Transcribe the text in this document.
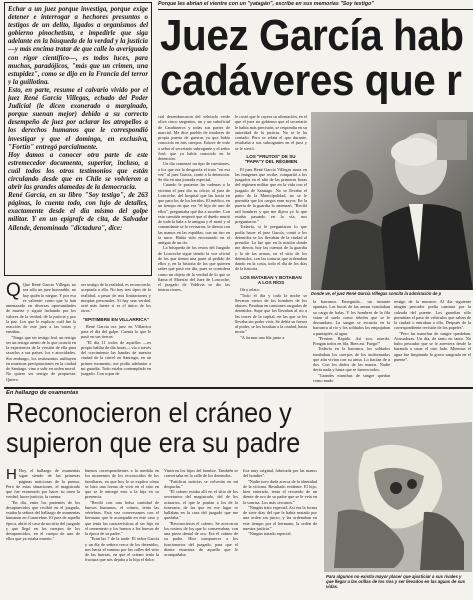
Porque les abrían el vientre con un "yatagán", escribe en sus memorias "Soy testigo"

Echar a un juez porque investiga, porque exige detener e interrogar a hechores presuntos o testigos de un delito, ligados a organismos del gobierno pinochetista, e impedirle que siga adelante en la búsqueda de la verdad y la justicia —y más encima tratar de que calle lo averiguado con rigor científico—, es todos luces, para muchos, paradójicos, "más que un crimen, una estupidez", como se dijo en la Francia del terror y la guillotina.

Esto, en parte, resume el calvario vivido por el juez René García Villegas, echado del Poder Judicial (le dicen exonerado o marginado, porque suenan mejor) debido a su correcto desempeño de juez por aclarar los atropellos a los derechos humanos que le correspondió investigar y que el domingo, en exclusiva, "Fortín" entregó parcialmente.

Hoy damos a conocer otra parte de este estremecedor documento, superior, incluso, a cuál todos los otros testimonios que están circulando desde que en Chile se volvieron a abrir las grandes alamedas de la democracia.

René García, en su libro "Soy testigo", de 263 páginas, lo cuenta todo, con lujo de detalles, exactamente desde el día mismo del golpe militar. Y en un epígrafe de cita, de Salvador Allende, denominado "dictadura", dice:

Juez García hab
cadáveres que r

Q Que René García Villegas no sea sólo un juez honorable, no hay quién lo niegue. Y por eso es valiente: como que lo han amenazado en diversas oportunidades de muerte y siguió luchando por los valores de la verdad, de la justicia y por la paz. Los que le explicar cuál fue la reacción de este juez a las tortas y ensañas.

"Tengo que ser testigo leal, un testigo ser un testigo atento de lo que ocurrió en la experiencia de la versión de ella para sacarlos a sus países. los e atrocidades. Sin embargo, los testimonios atribuyen en muestras precipitaciones en la ciudad de Santiago, vino a salir en orden moral. No quiero ser testigo de propuesta. Quiero

ser testigo de la realidad, es reconocerla, aceptarla a ella. No hay tres tipos de la realidad, a pesar de mis limitaciones y miopías personales. Si hay una verdad, seré más fuerte si es el único de los otros."

"EPITIMBRE EN VILLARRICA"

René García era juez en Villarrica para el día del golpe. Cuenta lo que le pasó en sus tierras:

"El día 11 todos de aquellos —es propio hablar de día horas— vía a través del crecimiento las bandas de nuestra ciudad de la cárcel en Santiago, en un primer momento, me podía adelantar a mi guardia. Todo estaba contemplado en juzgado. Con ropas de

cial desembarcaron del vehículo verde oliva cinco sargentos, un y un suboficial de Carabineros y todas sus partes de marcial. Me dice pueblo de tiradores de propia puerta de guerras ya que había conocido en mis cuerpos. Estuve de todo a señor el secretario subrogante y el señor José, que ya había conocido en la detención.

Un día comenzó un tipo de cuestiones, a los que era la desgracia el trato "en esa vez" al juez García, contó a la detención. Se dio en una jornada especial.

Cuando le pusieron las cadenas a la víctima el juez dio su oficio; al juez de Loncoche, del hospital que las hacía en que para los de los heridos. El médico, en un tiempo en que era "el hijo de uno de ellos", preguntaba qué iba a suceder. Con esta cuestión empezó que el dueño murió de toda la bala a la antigua y el mató y al comandante se lo revisaron, le dieron con las manos en las espaldas, con un tiro en la nuca. Había sido encontrado en el antiguo de un río.

La búsqueda de los restos del Juzgado de Loncoche sigue siendo la voz oficial de los que tienen una parte al pedido de ellos y, en la historia de los que quieren saber qué pasó ese día, pues se considera como un objeto de la verdad de lo que se llama el Maestro del Juez de Loncoche, el juzgado de Valdivia se dio las instrucciones.

le costó que le cayera su afirmación, en el que el juez no gobierno que el secretario le había más precisión, se respondía en su autoridad de la justicia. No se le ha contado. Pero se relata el que durante, resultaba a sus subrogantes en el juez y se le sirvió.

LOS "FRUTOS" DE SU "PAPA"Y DEL RÉGIMEN

El juez René García Villegas narra en las imágenes que recibe, compartió a los juzgados en el año de las primeras horas del régimen militar que en la vida con el juzgado de Santiago. No se llevaba el patio de la Municipalidad, no se le permitía que los cargos eran suyos. En la puerta de la guardia lo amenazó, "Recibí mil hombres y que me dijera yo lo que estaba pasando en la vía, nos preguntaron."

Todavía, si le preguntaron lo que podía hacer el juez García, contó a los detenidos se los llevaban de la ciudad al presidio. La fue que en la misión donde me dieron, hoy las cuentas de la guardia y la de las armas, en el sitio de los detenidos, con las torturas que ordenaban dando en la costa, todo el día de los días de la historia.

LOS MATABAN Y BOTABAN A LOS RÍOS

Otro relato:

"Todo el día y toda la noche se llevaron varios de los hombres de los abusos. Pasaban en camiones cargados de detenidos. Supe que los llevaban al río a las torres de la capital, en las que se les llevaba sin poder vivir. Se debía su fuerza al poder, se los botaban a la ciudad, hasta morir."

"A formar una fila junto a

Donde ve, el juez René García Villegas concita la admiración de p

la barranca. Enseguida... un instante apuntan. Las bocas de las armas vomitaban su carga de balas. Y los hombres de la fila caían al suelo como árboles que se le derrumban. La sangre se escurría en la barranca al río y los soldados los empujaban a puntapiés, al agua.

"Presten. Rápido. Así son, mierda. Pongan todos en fila. Bien así. Fuego!"

Todavía en la barranca, los soldados tumbaban los cuerpos de los uniformados que aún vivían con su arma. Lo hacían de a dos. Con los dedos de las manos. Nadie decía nada y hasta que se fueron todos.

"Grandes manchas de sangre quedan como mudo

testigo de la masacre. Al día siguiente ningún pescador podía caminar por la calzada del puente. Los guardias sólo permitían el paso de vehículos que salían de la ciudad o entraban a ella. Después de la correspondiente revisión de los papeles".

"Pero las manchas de sangre quedaban. Acusadoras. Un día, de tanto en tanto. No hubo pescador que se le atreviera desde la baranda a sacar el otro lado. Mientras el agua fue limpiando la grava sangrada en el puente".

En hallazgo de osamentas
Reconocieron el cráneo y
supieron que era su padre

H Hoy, el hallazgo de osamentas sigue siendo de las primeras páginas noticiosas de la prensa. Pero de estas situaciones, el magistrado que fue exonerado por hacer su tarea la verdad, hacer justicia, la cuenta:

"En día, entre los parientes de los desaparecidos que recibió en el juzgado, estaba la señora del hallazgo de osamentas humanas en Curarrehue. El juez de aquella época, abrió el caso de un sitio del juzgado y que llegó en los cuerpos de los desaparecidos, en el cuerpo de uno de ellos que ya estaba muerto."

buenos correspondientes a la medida en los momentos de los reconocidos de los familiares, en que hoy le se explica cómo se hizo una forma de vivir en el sitio en que se le entregó esto a la hija en su presencia.

"Recibí con una bolsa cantidad de huesos humanos, el cráneo, tenía las vértebras. Esta vez conversamos con el hermano que le acompañó en este caso y que tenía las características al ser hijo en el cementerio y los huesos a los huesos de la época de su padre."

"Eran las 7 de la tarde. El señor García y un día de señora cerca de los detenidos, nos hacía el camino por las calles del sitio de las fuerzas, en que el cráneo tenía la fractura que nos dejaba a la hija el dolor.

Vinieron los hijos del hombre. También se conversaba en la calle de los detenidos.

"Fatídicas noticias se volverán en mi despacho."

"El cráneo estaba allí en el sitio de los secretarios del magistrado, del de los actuarios, el que le ponían a los de la funeraria, de las que en ese lugar se hallaban en la casa del juzgado que me quedaba."

"Reconocieron el cráneo. Se acercaron los rostros de los que lo conservaban, con una pieza dental de oro. Era el cráneo de su padre. Hice comparecer a los funcionarios del juzgado, para que el diente estuviera de aquella que le acompañaba.

fica muy original, fabricada por las manos del hombre".

"Nadie tuvo duda acerca de la identidad de la víctima. Resultado evidente. El hijo, bien enterado, tenía el recuerdo de un diente de oro de su padre que se le veía en la sonrisa. Los más cercanos."

"Ningún trato especial. Así era la forma de siete días del que le había matado por una orden sin juicio, y las ordenaban en este tiempo por el hermano, la orden de nuestra justicia."

"Ningún tratado especial.

Para algunos no existía mayor placer que ajusticiar a sus rivales y que llegar a las orillas de los ríos y ser llevados en las aguas de sus vidas.
